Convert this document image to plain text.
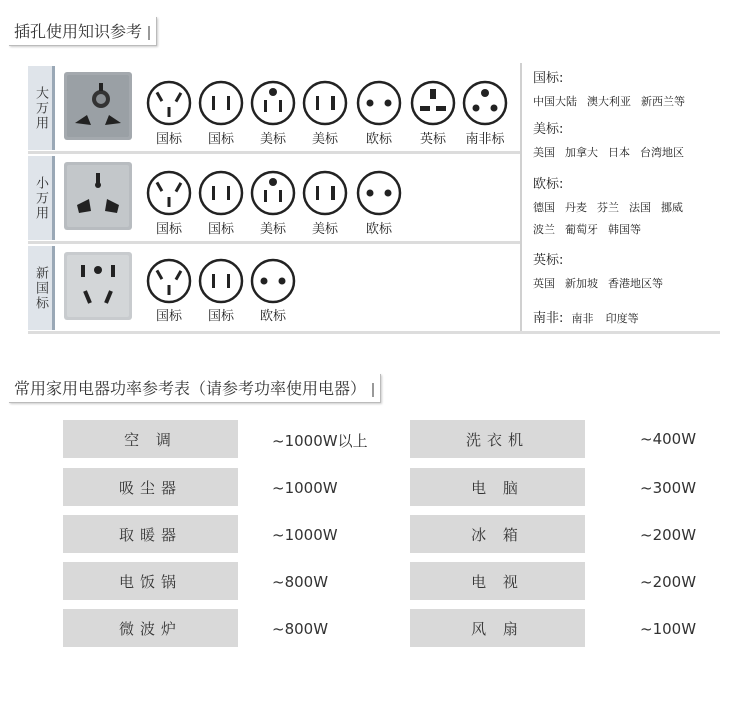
插孔使用知识参考
大万用
小万用
新国标
国标	国标	美标	美标	欧标	英标	南非标
国标	国标	美标	美标	欧标
国标	国标	欧标
国标:
中国大陆 澳大利亚 新西兰等
美标:
美国 加拿大 日本 台湾地区
欧标:
德国 丹麦 芬兰 法国 挪威
波兰 葡萄牙 韩国等
英标:
英国 新加坡 香港地区等
南非: 南非 印度等
常用家用电器功率参考表（请参考功率使用电器）
空 调	~1000W以上	洗衣机	~400W
吸尘器	~1000W	电 脑	~300W
取暖器	~1000W	冰 箱	~200W
电饭锅	~800W	电 视	~200W
微波炉	~800W	风 扇	~100W
